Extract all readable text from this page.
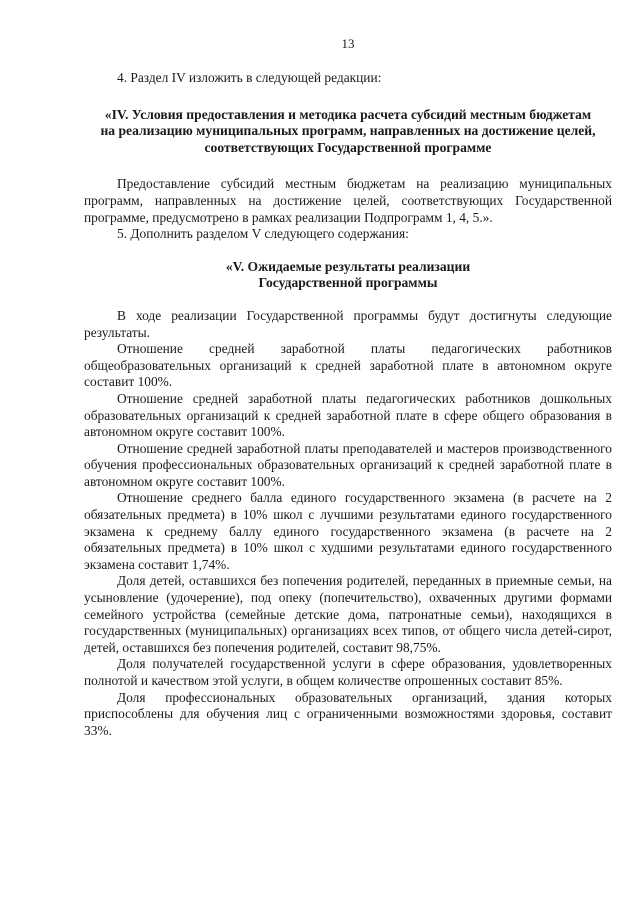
13

4. Раздел IV изложить в следующей редакции:

«IV. Условия предоставления и методика расчета субсидий местным бюджетам на реализацию муниципальных программ, направленных на достижение целей, соответствующих Государственной программе

Предоставление субсидий местным бюджетам на реализацию муниципальных программ, направленных на достижение целей, соответствующих Государственной программе, предусмотрено в рамках реализации Подпрограмм 1, 4, 5.».

5. Дополнить разделом V следующего содержания:

«V. Ожидаемые результаты реализации
Государственной программы

В ходе реализации Государственной программы будут достигнуты следующие результаты.

Отношение средней заработной платы педагогических работников общеобразовательных организаций к средней заработной плате в автономном округе составит 100%.

Отношение средней заработной платы педагогических работников дошкольных образовательных организаций к средней заработной плате в сфере общего образования в автономном округе составит 100%.

Отношение средней заработной платы преподавателей и мастеров производственного обучения профессиональных образовательных организаций к средней заработной плате в автономном округе составит 100%.

Отношение среднего балла единого государственного экзамена (в расчете на 2 обязательных предмета) в 10% школ с лучшими результатами единого государственного экзамена к среднему баллу единого государственного экзамена (в расчете на 2 обязательных предмета) в 10% школ с худшими результатами единого государственного экзамена составит 1,74%.

Доля детей, оставшихся без попечения родителей, переданных в приемные семьи, на усыновление (удочерение), под опеку (попечительство), охваченных другими формами семейного устройства (семейные детские дома, патронатные семьи), находящихся в государственных (муниципальных) организациях всех типов, от общего числа детей-сирот, детей, оставшихся без попечения родителей, составит 98,75%.

Доля получателей государственной услуги в сфере образования, удовлетворенных полнотой и качеством этой услуги, в общем количестве опрошенных составит 85%.

Доля профессиональных образовательных организаций, здания которых приспособлены для обучения лиц с ограниченными возможностями здоровья, составит 33%.
